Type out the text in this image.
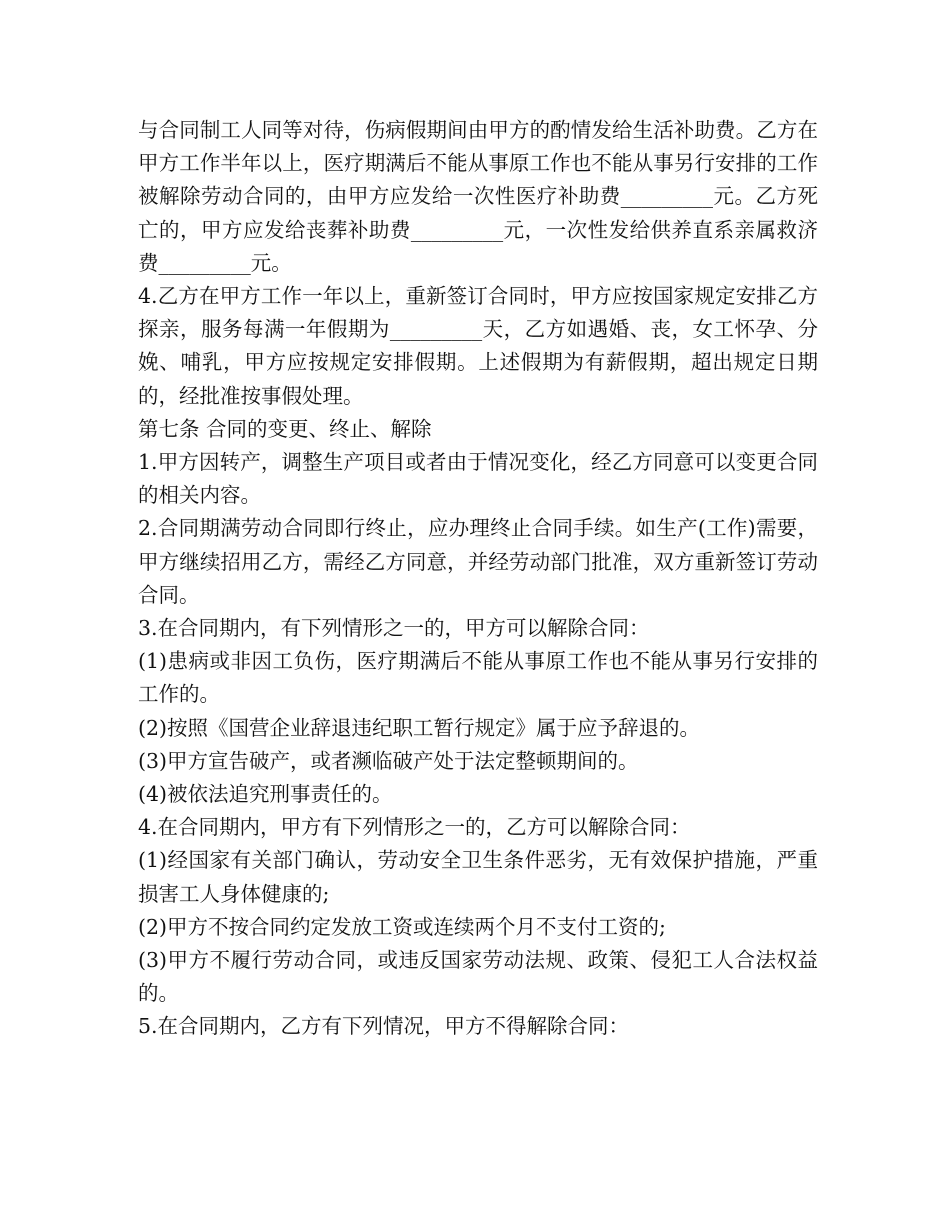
与合同制工人同等对待，伤病假期间由甲方的酌情发给生活补助费。乙方在甲方工作半年以上，医疗期满后不能从事原工作也不能从事另行安排的工作被解除劳动合同的，由甲方应发给一次性医疗补助费_________元。乙方死亡的，甲方应发给丧葬补助费_________元，一次性发给供养直系亲属救济费_________元。

4.乙方在甲方工作一年以上，重新签订合同时，甲方应按国家规定安排乙方探亲，服务每满一年假期为_________天，乙方如遇婚、丧，女工怀孕、分娩、哺乳，甲方应按规定安排假期。上述假期为有薪假期，超出规定日期的，经批准按事假处理。

第七条 合同的变更、终止、解除

1.甲方因转产，调整生产项目或者由于情况变化，经乙方同意可以变更合同的相关内容。

2.合同期满劳动合同即行终止，应办理终止合同手续。如生产(工作)需要，甲方继续招用乙方，需经乙方同意，并经劳动部门批准，双方重新签订劳动合同。

3.在合同期内，有下列情形之一的，甲方可以解除合同：

(1)患病或非因工负伤，医疗期满后不能从事原工作也不能从事另行安排的工作的。

(2)按照《国营企业辞退违纪职工暂行规定》属于应予辞退的。

(3)甲方宣告破产，或者濒临破产处于法定整顿期间的。

(4)被依法追究刑事责任的。

4.在合同期内，甲方有下列情形之一的，乙方可以解除合同：

(1)经国家有关部门确认，劳动安全卫生条件恶劣，无有效保护措施，严重损害工人身体健康的;

(2)甲方不按合同约定发放工资或连续两个月不支付工资的;

(3)甲方不履行劳动合同，或违反国家劳动法规、政策、侵犯工人合法权益的。

5.在合同期内，乙方有下列情况，甲方不得解除合同：
